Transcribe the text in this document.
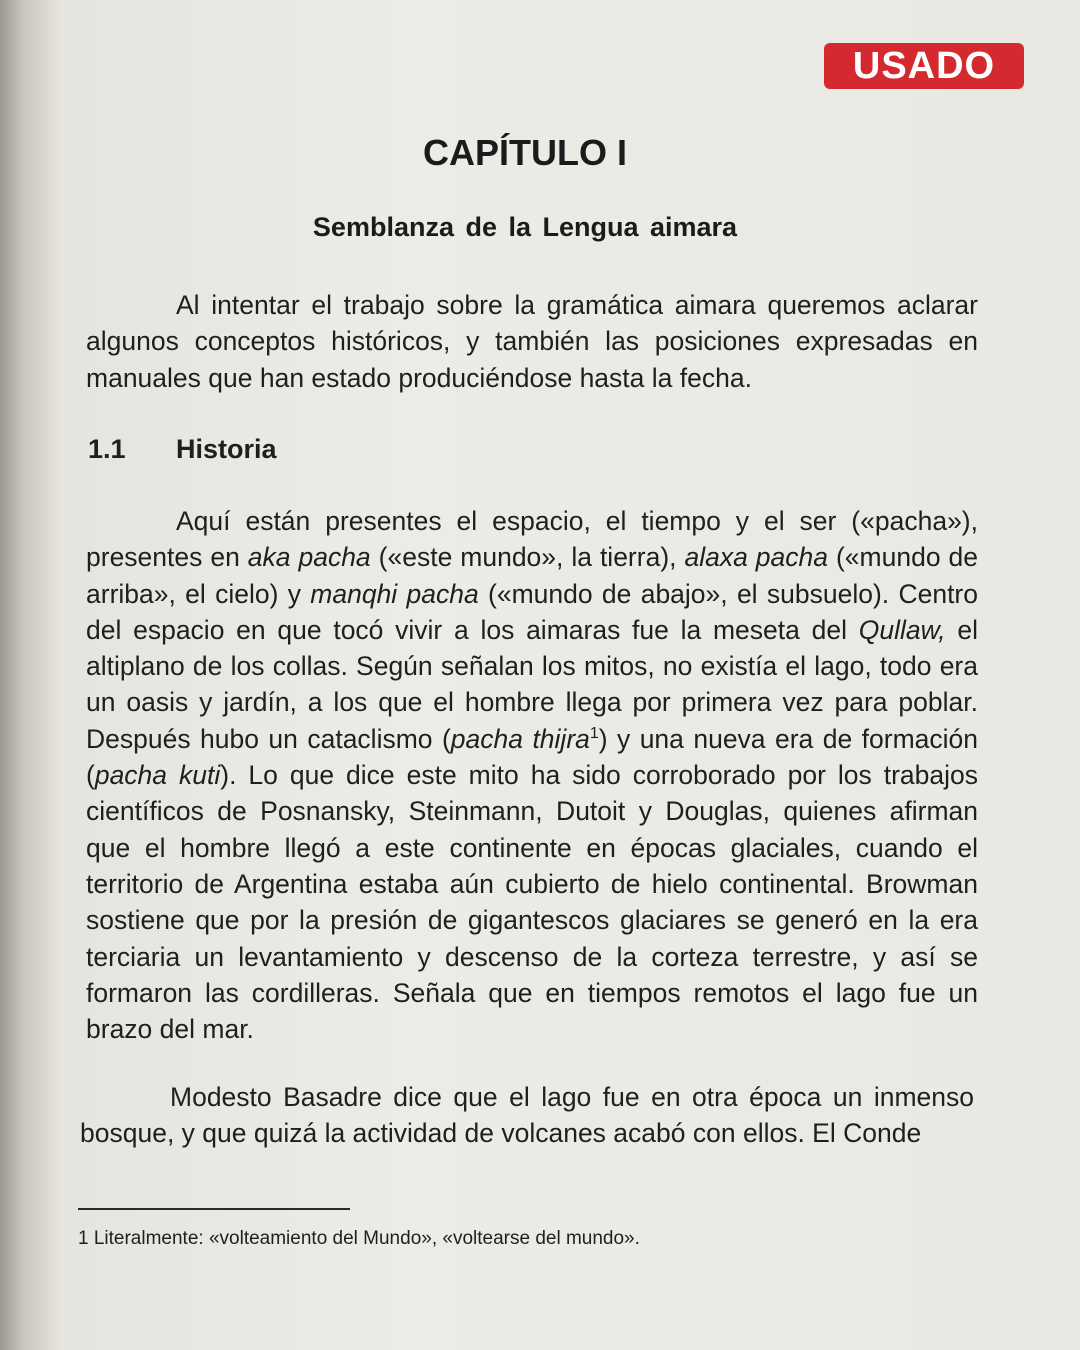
USADO
CAPÍTULO I
Semblanza de la Lengua aimara

Al intentar el trabajo sobre la gramática aimara queremos aclarar algunos conceptos históricos, y también las posiciones expresadas en manuales que han estado produciéndose hasta la fecha.

1.1 Historia

Aquí están presentes el espacio, el tiempo y el ser («pacha»), presentes en aka pacha («este mundo», la tierra), alaxa pacha («mundo de arriba», el cielo) y manqhi pacha («mundo de abajo», el subsuelo). Centro del espacio en que tocó vivir a los aimaras fue la meseta del Qullaw, el altiplano de los collas. Según señalan los mitos, no existía el lago, todo era un oasis y jardín, a los que el hombre llega por primera vez para poblar. Después hubo un cataclismo (pacha thijra$^1$) y una nueva era de formación (pacha kuti). Lo que dice este mito ha sido corroborado por los trabajos científicos de Posnansky, Steinmann, Dutoit y Douglas, quienes afirman que el hombre llegó a este continente en épocas glaciales, cuando el territorio de Argentina estaba aún cubierto de hielo continental. Browman sostiene que por la presión de gigantescos glaciares se generó en la era terciaria un levantamiento y descenso de la corteza terrestre, y así se formaron las cordilleras. Señala que en tiempos remotos el lago fue un brazo del mar.

Modesto Basadre dice que el lago fue en otra época un inmenso bosque, y que quizá la actividad de volcanes acabó con ellos. El Conde

1 Literalmente: «volteamiento del Mundo», «voltearse del mundo».
